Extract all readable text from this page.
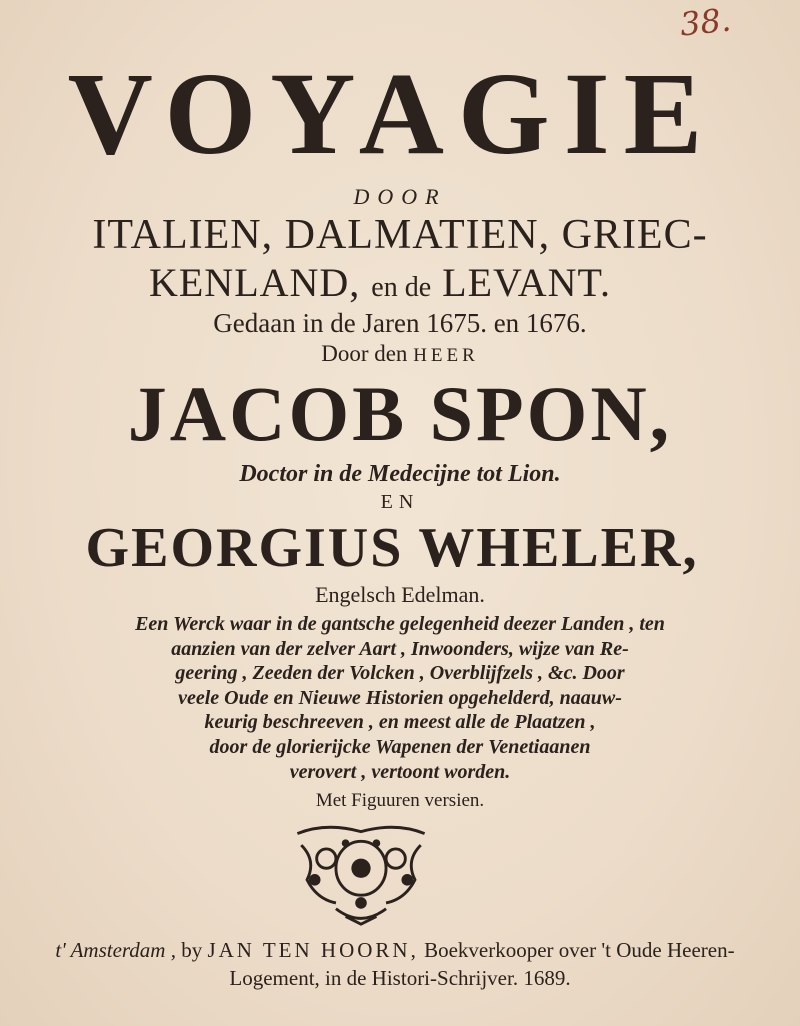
38.
VOYAGIE
DOOR
ITALIEN, DALMATIEN, GRIEC-
KENLAND, en de LEVANT.
Gedaan in de Jaren 1675. en 1676.
Door den HEER
JACOB SPON,
Doctor in de Medecijne tot Lion.
EN
GEORGIUS WHELER,
Engelsch Edelman.
Een Werck waar in de gantsche gelegenheid deezer Landen , ten
aanzien van der zelver Aart , Inwoonders, wijze van Re-
geering , Zeeden der Volcken , Overblijfzels , &c. Door
veele Oude en Nieuwe Historien opgehelderd, naauw-
keurig beschreeven , en meest alle de Plaatzen ,
door de glorierijcke Wapenen der Venetiaanen
verovert , vertoont worden.
Met Figuuren versien.
t' Amsterdam , by JAN TEN HOORN, Boekverkooper over 't Oude Heeren-
Logement, in de Histori-Schrijver. 1689.
